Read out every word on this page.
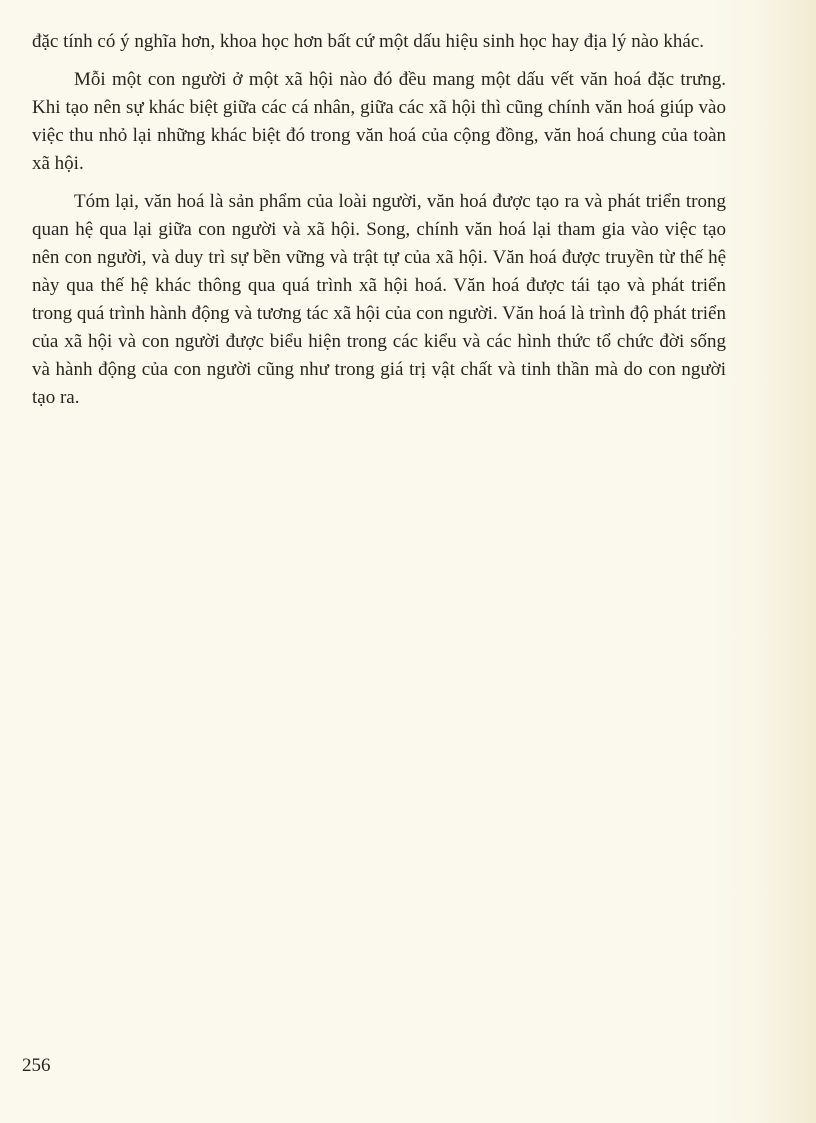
đặc tính có ý nghĩa hơn, khoa học hơn bất cứ một dấu hiệu sinh học hay địa lý nào khác.

Mỗi một con người ở một xã hội nào đó đều mang một dấu vết văn hoá đặc trưng. Khi tạo nên sự khác biệt giữa các cá nhân, giữa các xã hội thì cũng chính văn hoá giúp vào việc thu nhỏ lại những khác biệt đó trong văn hoá của cộng đồng, văn hoá chung của toàn xã hội.

Tóm lại, văn hoá là sản phẩm của loài người, văn hoá được tạo ra và phát triển trong quan hệ qua lại giữa con người và xã hội. Song, chính văn hoá lại tham gia vào việc tạo nên con người, và duy trì sự bền vững và trật tự của xã hội. Văn hoá được truyền từ thế hệ này qua thế hệ khác thông qua quá trình xã hội hoá. Văn hoá được tái tạo và phát triển trong quá trình hành động và tương tác xã hội của con người. Văn hoá là trình độ phát triển của xã hội và con người được biểu hiện trong các kiểu và các hình thức tổ chức đời sống và hành động của con người cũng như trong giá trị vật chất và tinh thần mà do con người tạo ra.

256
